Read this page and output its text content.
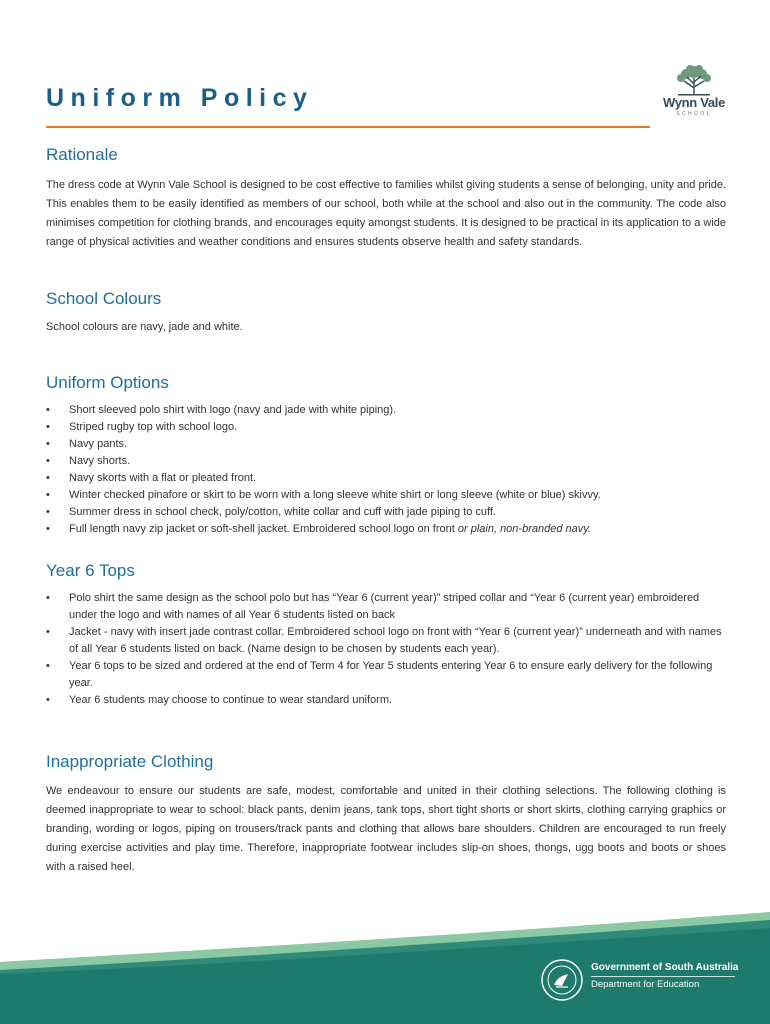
Uniform Policy	Wynn Vale
SCHOOL
Rationale

The dress code at Wynn Vale School is designed to be cost effective to families whilst giving students a sense of belonging, unity and pride. This enables them to be easily identified as members of our school, both while at the school and also out in the community. The code also minimises competition for clothing brands, and encourages equity amongst students. It is designed to be practical in its application to a wide range of physical activities and weather conditions and ensures students observe health and safety standards.

School Colours

School colours are navy, jade and white.

Uniform Options
• Short sleeved polo shirt with logo (navy and jade with white piping).
• Striped rugby top with school logo.
• Navy pants.
• Navy shorts.
• Navy skorts with a flat or pleated front.
• Winter checked pinafore or skirt to be worn with a long sleeve white shirt or long sleeve (white or blue) skivvy.
• Summer dress in school check, poly/cotton, white collar and cuff with jade piping to cuff.
• Full length navy zip jacket or soft-shell jacket. Embroidered school logo on front or plain, non-branded navy.
Year 6 Tops
• Polo shirt the same design as the school polo but has “Year 6 (current year)” striped collar and “Year 6 (current year) embroidered under the logo and with names of all Year 6 students listed on back
• Jacket - navy with insert jade contrast collar. Embroidered school logo on front with “Year 6 (current year)” underneath and with names of all Year 6 students listed on back. (Name design to be chosen by students each year).
• Year 6 tops to be sized and ordered at the end of Term 4 for Year 5 students entering Year 6 to ensure early delivery for the following year.
• Year 6 students may choose to continue to wear standard uniform.
Inappropriate Clothing

We endeavour to ensure our students are safe, modest, comfortable and united in their clothing selections. The following clothing is deemed inappropriate to wear to school: black pants, denim jeans, tank tops, short tight shorts or short skirts, clothing carrying graphics or branding, wording or logos, piping on trousers/track pants and clothing that allows bare shoulders. Children are encouraged to run freely during exercise activities and play time. Therefore, inappropriate footwear includes slip-on shoes, thongs, ugg boots and boots or shoes with a raised heel.

Government of South Australia
Department for Education
